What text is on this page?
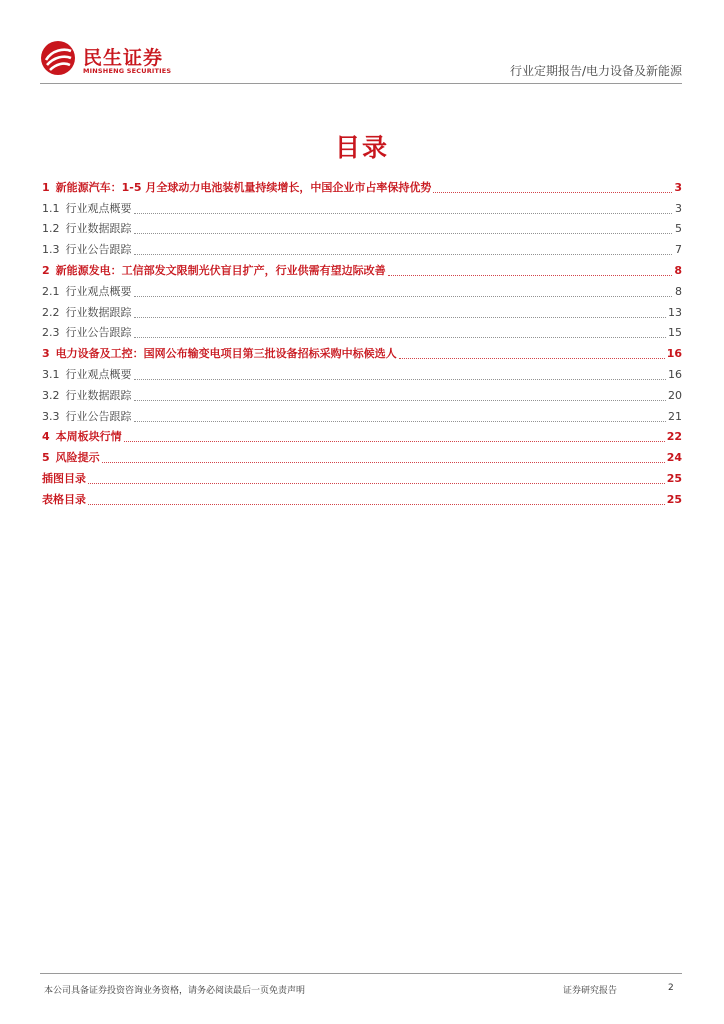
民生证券
MINSHENG SECURITIES	行业定期报告/电力设备及新能源
目录
1 新能源汽车：1-5 月全球动力电池装机量持续增长，中国企业市占率保持优势	3
1.1 行业观点概要	3
1.2 行业数据跟踪	5
1.3 行业公告跟踪	7
2 新能源发电：工信部发文限制光伏盲目扩产，行业供需有望边际改善	8
2.1 行业观点概要	8
2.2 行业数据跟踪	13
2.3 行业公告跟踪	15
3 电力设备及工控：国网公布输变电项目第三批设备招标采购中标候选人	16
3.1 行业观点概要	16
3.2 行业数据跟踪	20
3.3 行业公告跟踪	21
4 本周板块行情	22
5 风险提示	24
插图目录	25
表格目录	25
本公司具备证券投资咨询业务资格，请务必阅读最后一页免责声明	证券研究报告	2
